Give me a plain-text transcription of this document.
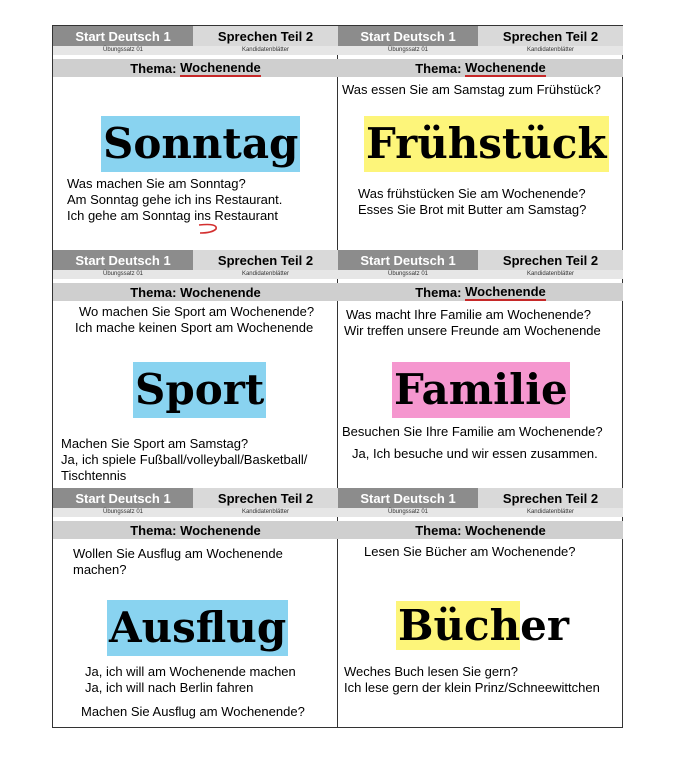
Start Deutsch 1	Sprechen Teil 2
Übungssatz 01	Kandidatenblätter
Thema:
Wochenende
Sonntag
Was machen Sie am Sonntag?
Am Sonntag gehe ich ins Restaurant.
Ich gehe am Sonntag ins Restaurant
Start Deutsch 1	Sprechen Teil 2
Übungssatz 01	Kandidatenblätter
Thema:
Wochenende
Was essen Sie am Samstag zum Frühstück?
Frühstück
Was frühstücken Sie am Wochenende?
Esses Sie Brot mit Butter am Samstag?
Start Deutsch 1	Sprechen Teil 2
Übungssatz 01	Kandidatenblätter
Thema:
Wochenende
Wo machen Sie Sport am Wochenende?
Ich mache keinen Sport am Wochenende
Sport
Machen Sie Sport am Samstag?
Ja, ich spiele Fußball/volleyball/Basketball/
Tischtennis
Start Deutsch 1	Sprechen Teil 2
Übungssatz 01	Kandidatenblätter
Thema:
Wochenende
Was macht Ihre Familie am Wochenende?
Wir treffen unsere Freunde am Wochenende
Familie
Besuchen Sie Ihre Familie am Wochenende?
Ja, Ich besuche und wir essen zusammen.
Start Deutsch 1	Sprechen Teil 2
Übungssatz 01	Kandidatenblätter
Thema:
Wochenende
Wollen Sie Ausflug am Wochenende
machen?
Ausflug
Ja, ich will am Wochenende machen
Ja, ich will nach Berlin fahren
Machen Sie Ausflug am Wochenende?
Start Deutsch 1	Sprechen Teil 2
Übungssatz 01	Kandidatenblätter
Thema:
Wochenende
Lesen Sie Bücher am Wochenende?
Bücher
Weches Buch lesen Sie gern?
Ich lese gern der klein Prinz/Schneewittchen
